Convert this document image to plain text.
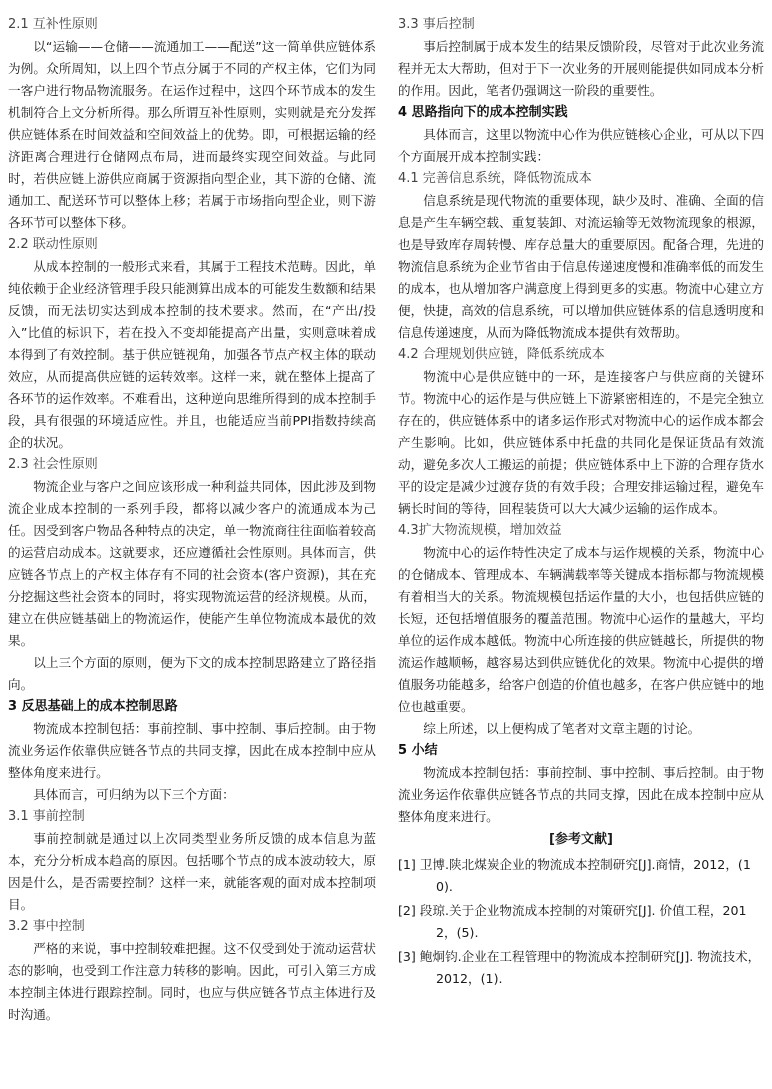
2.1 互补性原则
以“运输——仓储——流通加工——配送”这一简单供应链体系为例。众所周知，以上四个节点分属于不同的产权主体，它们为同一客户进行物品物流服务。在运作过程中，这四个环节成本的发生机制符合上文分析所得。那么所谓互补性原则，实则就是充分发挥供应链体系在时间效益和空间效益上的优势。即，可根据运输的经济距离合理进行仓储网点布局，进而最终实现空间效益。与此同时，若供应链上游供应商属于资源指向型企业，其下游的仓储、流通加工、配送环节可以整体上移；若属于市场指向型企业，则下游各环节可以整体下移。
2.2 联动性原则
从成本控制的一般形式来看，其属于工程技术范畴。因此，单纯依赖于企业经济管理手段只能测算出成本的可能发生数额和结果反馈，而无法切实达到成本控制的技术要求。然而，在“产出/投入”比值的标识下，若在投入不变却能提高产出量，实则意味着成本得到了有效控制。基于供应链视角，加强各节点产权主体的联动效应，从而提高供应链的运转效率。这样一来，就在整体上提高了各环节的运作效率。不难看出，这种逆向思维所得到的成本控制手段，具有很强的环境适应性。并且，也能适应当前PPI指数持续高企的状况。
2.3 社会性原则
物流企业与客户之间应该形成一种利益共同体，因此涉及到物流企业成本控制的一系列手段，都将以减少客户的流通成本为己任。因受到客户物品各种特点的决定，单一物流商往往面临着较高的运营启动成本。这就要求，还应遵循社会性原则。具体而言，供应链各节点上的产权主体存有不同的社会资本(客户资源)，其在充分挖掘这些社会资本的同时，将实现物流运营的经济规模。从而，建立在供应链基础上的物流运作，使能产生单位物流成本最优的效果。
以上三个方面的原则，便为下文的成本控制思路建立了路径指向。
3 反思基础上的成本控制思路
物流成本控制包括：事前控制、事中控制、事后控制。由于物流业务运作依靠供应链各节点的共同支撑，因此在成本控制中应从整体角度来进行。
具体而言，可归纳为以下三个方面：
3.1 事前控制
事前控制就是通过以上次同类型业务所反馈的成本信息为蓝本，充分分析成本趋高的原因。包括哪个节点的成本波动较大，原因是什么，是否需要控制？这样一来，就能客观的面对成本控制项目。
3.2 事中控制
严格的来说，事中控制较难把握。这不仅受到处于流动运营状态的影响，也受到工作注意力转移的影响。因此，可引入第三方成本控制主体进行跟踪控制。同时，也应与供应链各节点主体进行及时沟通。
3.3 事后控制
事后控制属于成本发生的结果反馈阶段，尽管对于此次业务流程并无太大帮助，但对于下一次业务的开展则能提供如同成本分析的作用。因此，笔者仍强调这一阶段的重要性。
4 思路指向下的成本控制实践
具体而言，这里以物流中心作为供应链核心企业，可从以下四个方面展开成本控制实践：
4.1 完善信息系统，降低物流成本
信息系统是现代物流的重要体现，缺少及时、准确、全面的信息是产生车辆空载、重复装卸、对流运输等无效物流现象的根源，也是导致库存周转慢、库存总量大的重要原因。配备合理，先进的物流信息系统为企业节省由于信息传递速度慢和准确率低的而发生的成本，也从增加客户满意度上得到更多的实惠。物流中心建立方便，快捷，高效的信息系统，可以增加供应链体系的信息透明度和信息传递速度，从而为降低物流成本提供有效帮助。
4.2 合理规划供应链，降低系统成本
物流中心是供应链中的一环，是连接客户与供应商的关键环节。物流中心的运作是与供应链上下游紧密相连的，不是完全独立存在的，供应链体系中的诸多运作形式对物流中心的运作成本都会产生影响。比如，供应链体系中托盘的共同化是保证货品有效流动，避免多次人工搬运的前提；供应链体系中上下游的合理存货水平的设定是减少过渡存货的有效手段；合理安排运输过程，避免车辆长时间的等待，回程装货可以大大减少运输的运作成本。
4.3扩大物流规模，增加效益
物流中心的运作特性决定了成本与运作规模的关系，物流中心的仓储成本、管理成本、车辆满载率等关键成本指标都与物流规模有着相当大的关系。物流规模包括运作量的大小，也包括供应链的长短，还包括增值服务的覆盖范围。物流中心运作的量越大，平均单位的运作成本越低。物流中心所连接的供应链越长，所提供的物流运作越顺畅，越容易达到供应链优化的效果。物流中心提供的增值服务功能越多，给客户创造的价值也越多，在客户供应链中的地位也越重要。
综上所述，以上便构成了笔者对文章主题的讨论。
5 小结
物流成本控制包括：事前控制、事中控制、事后控制。由于物流业务运作依靠供应链各节点的共同支撑，因此在成本控制中应从整体角度来进行。
[参考文献]
[1] 卫博.陕北煤炭企业的物流成本控制研究[J].商情，2012，(10).
[2] 段琼.关于企业物流成本控制的对策研究[J]. 价值工程，2012，(5).
[3] 鲍炯钧.企业在工程管理中的物流成本控制研究[J]. 物流技术，2012，(1).
